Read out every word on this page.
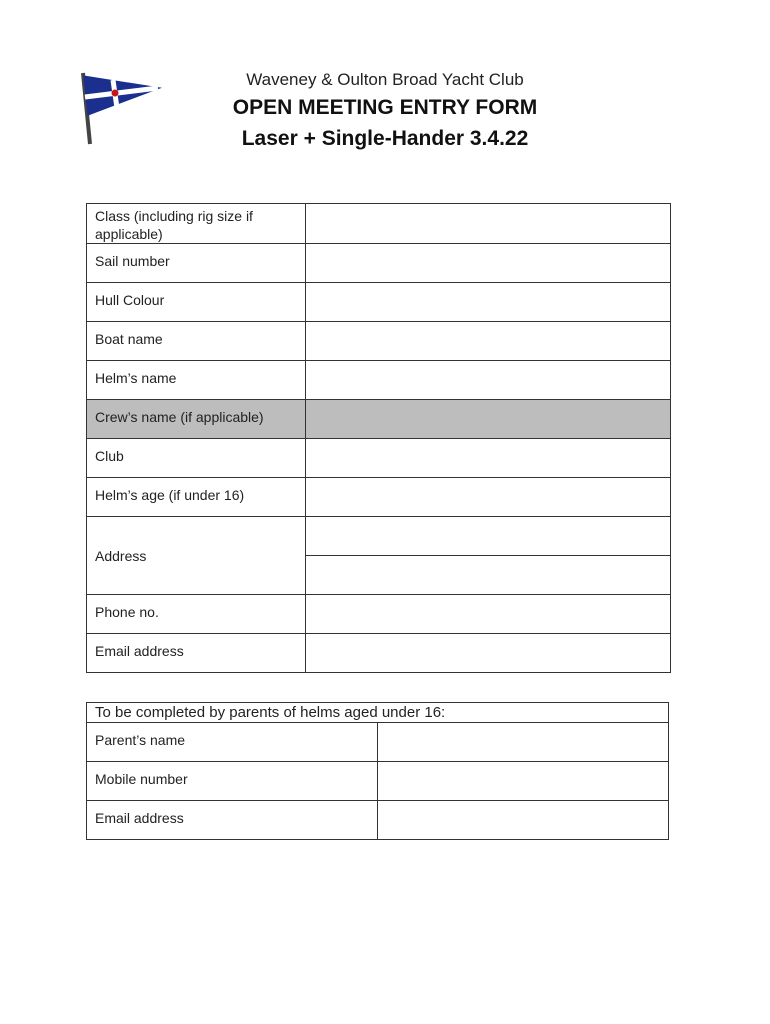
Waveney & Oulton Broad Yacht Club
OPEN MEETING ENTRY FORM
Laser + Single-Hander 3.4.22
Class (including rig size if applicable)	
Sail number	
Hull Colour	
Boat name	
Helm’s name	
Crew’s name (if applicable)	
Club	
Helm’s age (if under 16)	
Address	

Phone no.	
Email address	
To be completed by parents of helms aged under 16:	
Parent’s name	
Mobile number	
Email address	
